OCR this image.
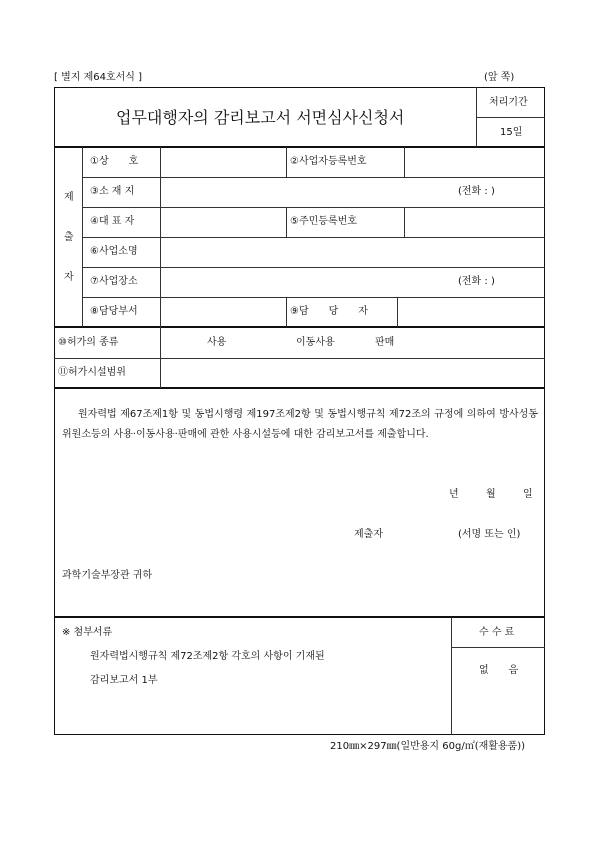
[ 별지 제64호서식 ]	(앞 쪽)
업무대행자의 감리보고서 서면심사신청서
처리기간
15일
제
출
자
①상　　호	②사업자등록번호
③소 재 지	(전화 : )
④대 표 자	⑤주민등록번호
⑥사업소명
⑦사업장소	(전화 : )
⑧담당부서	⑨담　　당　　자
⑩허가의 종류	사용	이동사용	판매
⑪허가시설범위
원자력법 제67조제1항 및 동법시행령 제197조제2항 및 동법시행규칙 제72조의 규정에 의하여 방사성동위원소등의 사용·이동사용·판매에 관한 사용시설등에 대한 감리보고서를 제출합니다.
년	월	일
제출자	(서명 또는 인)
과학기술부장관 귀하
※ 첨부서류
원자력법시행규칙 제72조제2항 각호의 사항이 기재된
감리보고서 1부
수 수 료
없　　음
210㎜×297㎜(일반용지 60g/㎡(재활용품))
